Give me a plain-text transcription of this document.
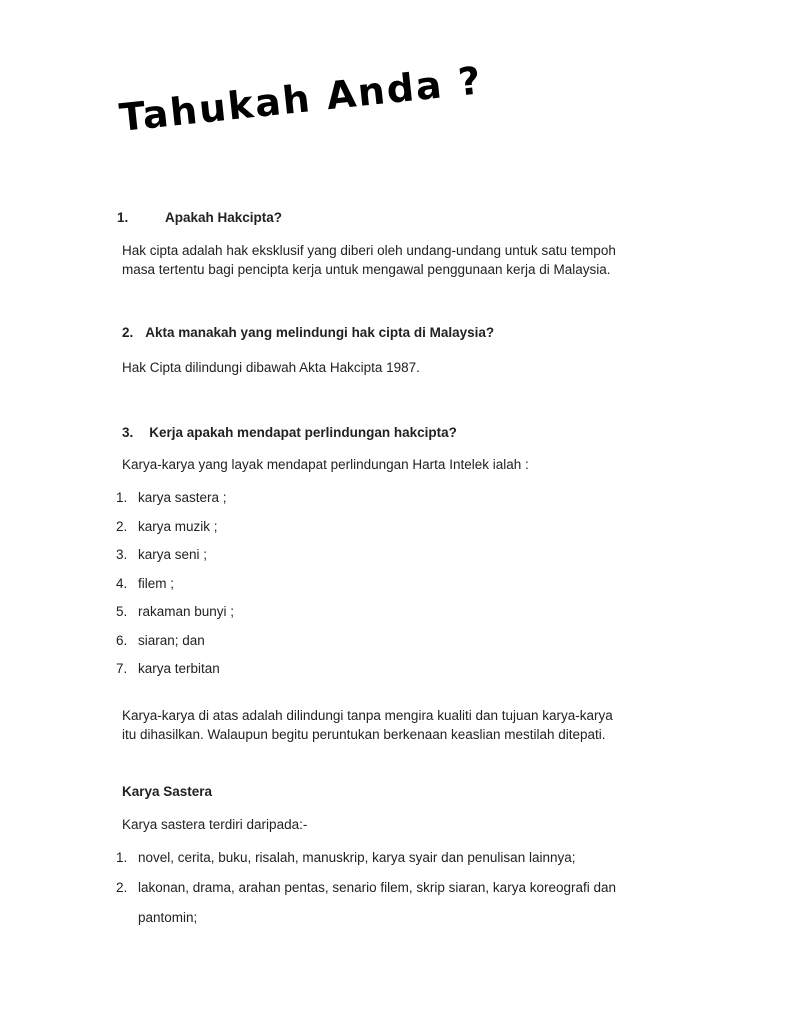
Tahukah Anda ?
1.	Apakah Hakcipta?
Hak cipta adalah hak eksklusif yang diberi oleh undang-undang untuk satu tempoh
masa tertentu bagi pencipta kerja untuk mengawal penggunaan kerja di Malaysia.
2. Akta manakah yang melindungi hak cipta di Malaysia?
Hak Cipta dilindungi dibawah Akta Hakcipta 1987.
3. Kerja apakah mendapat perlindungan hakcipta?
Karya-karya yang layak mendapat perlindungan Harta Intelek ialah :
1. karya sastera ;
2. karya muzik ;
3. karya seni ;
4. filem ;
5. rakaman bunyi ;
6. siaran; dan
7. karya terbitan
Karya-karya di atas adalah dilindungi tanpa mengira kualiti dan tujuan karya-karya
itu dihasilkan. Walaupun begitu peruntukan berkenaan keaslian mestilah ditepati.
Karya Sastera
Karya sastera terdiri daripada:-
1. novel, cerita, buku, risalah, manuskrip, karya syair dan penulisan lainnya;
2. lakonan, drama, arahan pentas, senario filem, skrip siaran, karya koreografi dan
pantomin;
